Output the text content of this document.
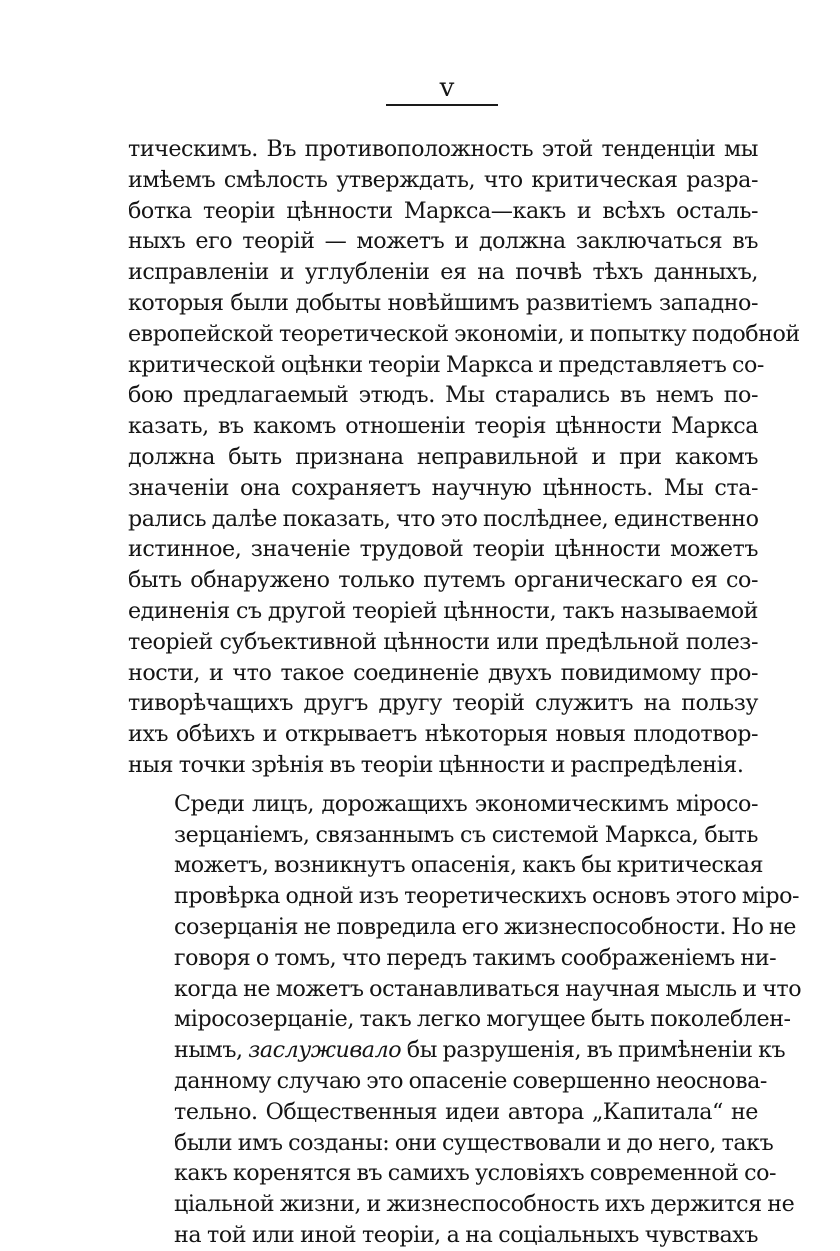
v

тическимъ. Въ противоположность этой тенденціи мы
имѣемъ смѣлость утверждать, что критическая разра-
ботка теоріи цѣнности Маркса—какъ и всѣхъ осталь-
ныхъ его теорій — можетъ и должна заключаться въ
исправленіи и углубленіи ея на почвѣ тѣхъ данныхъ,
которыя были добыты новѣйшимъ развитіемъ западно-
европейской теоретической экономіи, и попытку подобной
критической оцѣнки теоріи Маркса и представляетъ со-
бою предлагаемый этюдъ. Мы старались въ немъ по-
казать, въ какомъ отношеніи теорія цѣнности Маркса
должна быть признана неправильной и при какомъ
значеніи она сохраняетъ научную цѣнность. Мы ста-
рались далѣе показать, что это послѣднее, единственно
истинное, значеніе трудовой теоріи цѣнности можетъ
быть обнаружено только путемъ органическаго ея со-
единенія съ другой теоріей цѣнности, такъ называемой
теоріей субъективной цѣнности или предѣльной полез-
ности, и что такое соединеніе двухъ повидимому про-
тиворѣчащихъ другъ другу теорій служитъ на пользу
ихъ обѣихъ и открываетъ нѣкоторыя новыя плодотвор-
ныя точки зрѣнія въ теоріи цѣнности и распредѣленія.

Среди лицъ, дорожащихъ экономическимъ міросо-
зерцаніемъ, связаннымъ съ системой Маркса, быть
можетъ, возникнутъ опасенія, какъ бы критическая
провѣрка одной изъ теоретическихъ основъ этого міро-
созерцанія не повредила его жизнеспособности. Но не
говоря о томъ, что передъ такимъ соображеніемъ ни-
когда не можетъ останавливаться научная мысль и что
міросозерцаніе, такъ легко могущее быть поколеблен-
нымъ, заслуживало бы разрушенія, въ примѣненіи къ
данному случаю это опасеніе совершенно неоснова-
тельно. Общественныя идеи автора „Капитала“ не
были имъ созданы: они существовали и до него, такъ
какъ коренятся въ самихъ условіяхъ современной со-
ціальной жизни, и жизнеспособность ихъ держится не
на той или иной теоріи, а на соціальныхъ чувствахъ
